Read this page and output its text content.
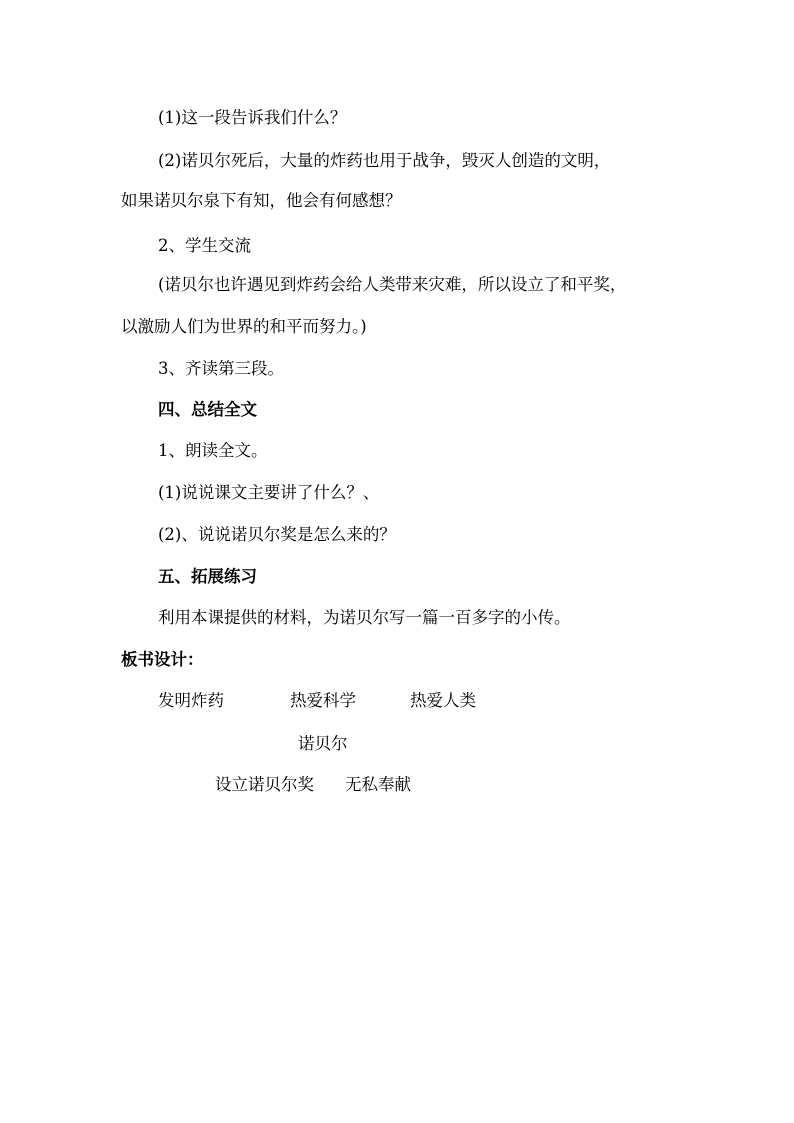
(1)这一段告诉我们什么？
(2)诺贝尔死后，大量的炸药也用于战争，毁灭人创造的文明，
如果诺贝尔泉下有知，他会有何感想？
2、学生交流
(诺贝尔也许遇见到炸药会给人类带来灾难，所以设立了和平奖，
以激励人们为世界的和平而努力。)
3、齐读第三段。
四、总结全文
1、朗读全文。
(1)说说课文主要讲了什么？、
(2)、说说诺贝尔奖是怎么来的？
五、拓展练习
利用本课提供的材料，为诺贝尔写一篇一百多字的小传。
板书设计：
发明炸药	热爱科学	热爱人类
诺贝尔
设立诺贝尔奖 无私奉献
